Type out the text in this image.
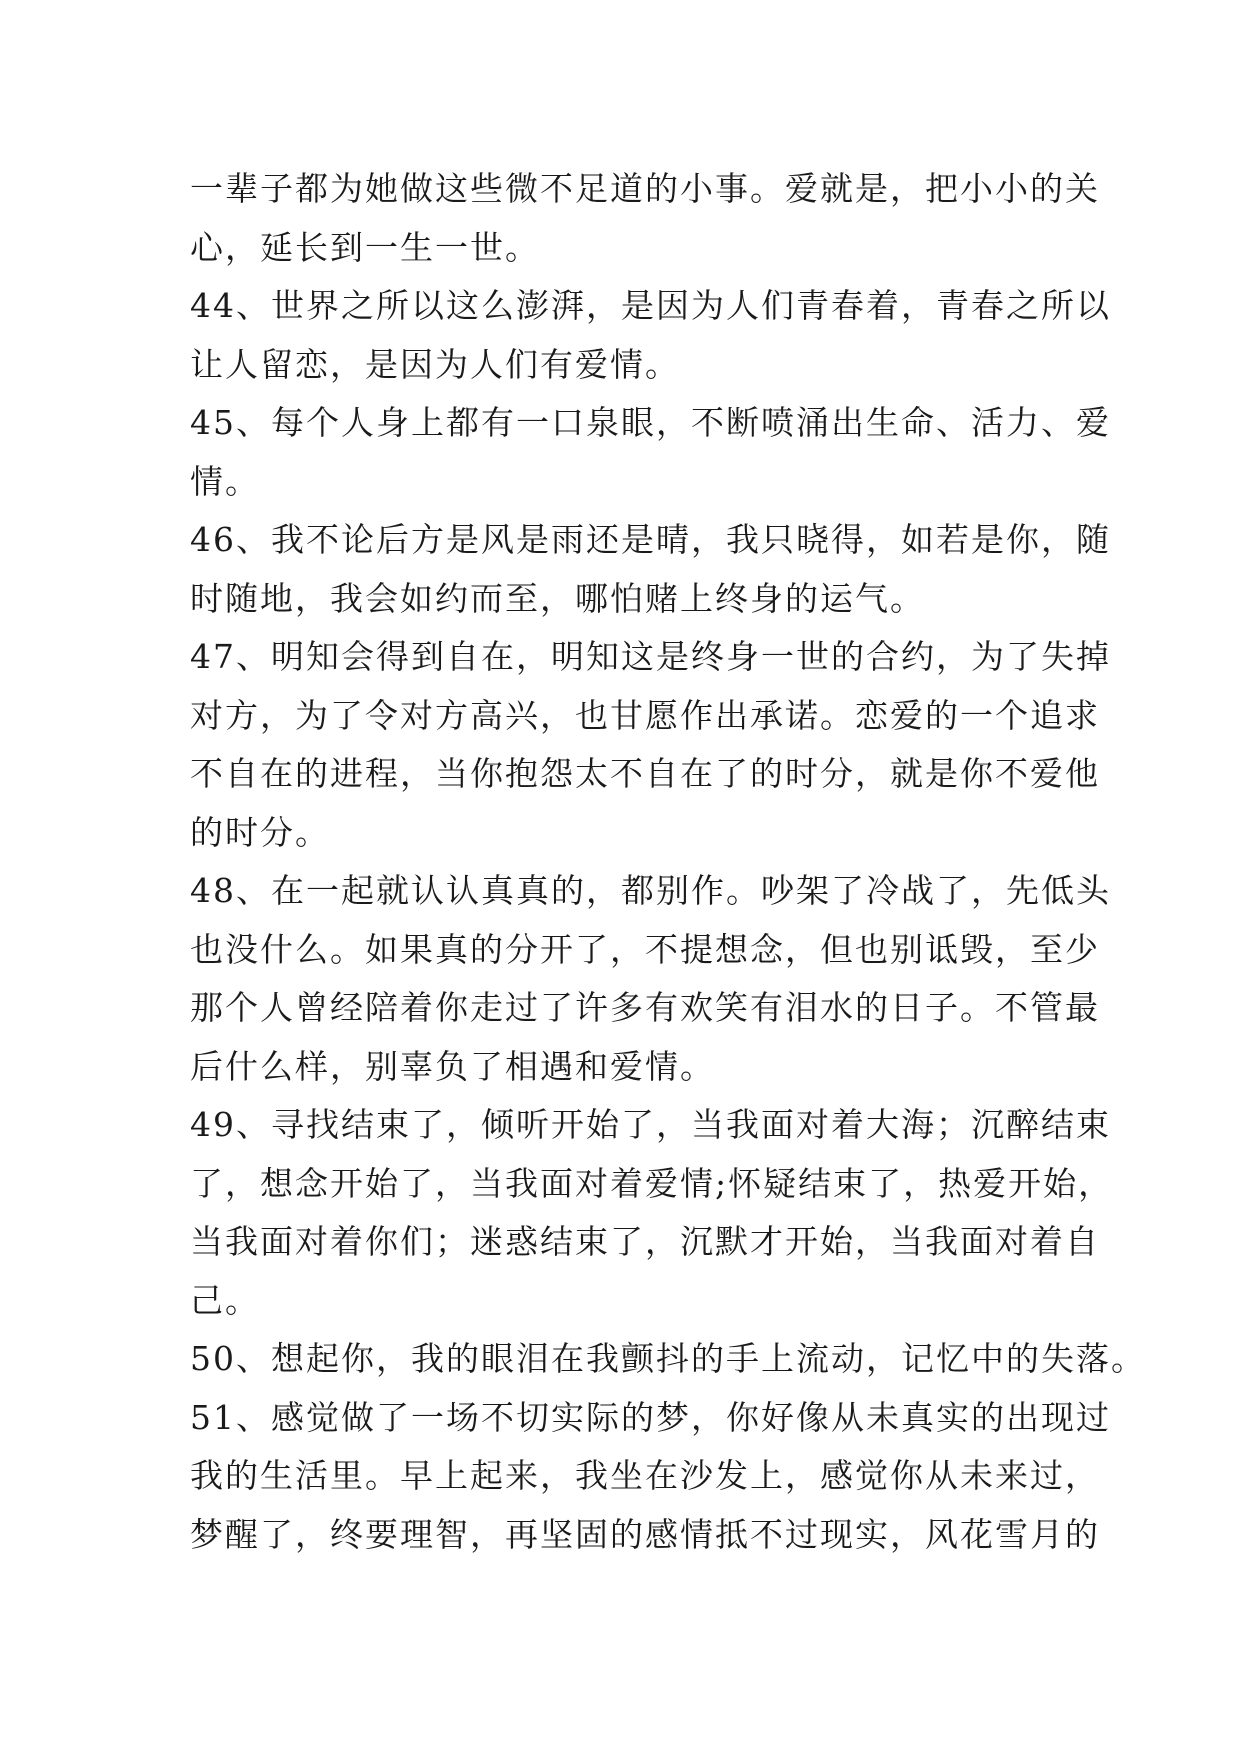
一辈子都为她做这些微不足道的小事。爱就是，把小小的关
心，延长到一生一世。

44、世界之所以这么澎湃，是因为人们青春着，青春之所以
让人留恋，是因为人们有爱情。

45、每个人身上都有一口泉眼，不断喷涌出生命、活力、爱
情。

46、我不论后方是风是雨还是晴，我只晓得，如若是你，随
时随地，我会如约而至，哪怕赌上终身的运气。

47、明知会得到自在，明知这是终身一世的合约，为了失掉
对方，为了令对方高兴，也甘愿作出承诺。恋爱的一个追求
不自在的进程，当你抱怨太不自在了的时分，就是你不爱他
的时分。

48、在一起就认认真真的，都别作。吵架了冷战了，先低头
也没什么。如果真的分开了，不提想念，但也别诋毁，至少
那个人曾经陪着你走过了许多有欢笑有泪水的日子。不管最
后什么样，别辜负了相遇和爱情。

49、寻找结束了，倾听开始了，当我面对着大海；沉醉结束
了，想念开始了，当我面对着爱情;怀疑结束了，热爱开始，
当我面对着你们；迷惑结束了，沉默才开始，当我面对着自
己。

50、想起你，我的眼泪在我颤抖的手上流动，记忆中的失落。

51、感觉做了一场不切实际的梦，你好像从未真实的出现过
我的生活里。早上起来，我坐在沙发上，感觉你从未来过，
梦醒了，终要理智，再坚固的感情抵不过现实，风花雪月的
